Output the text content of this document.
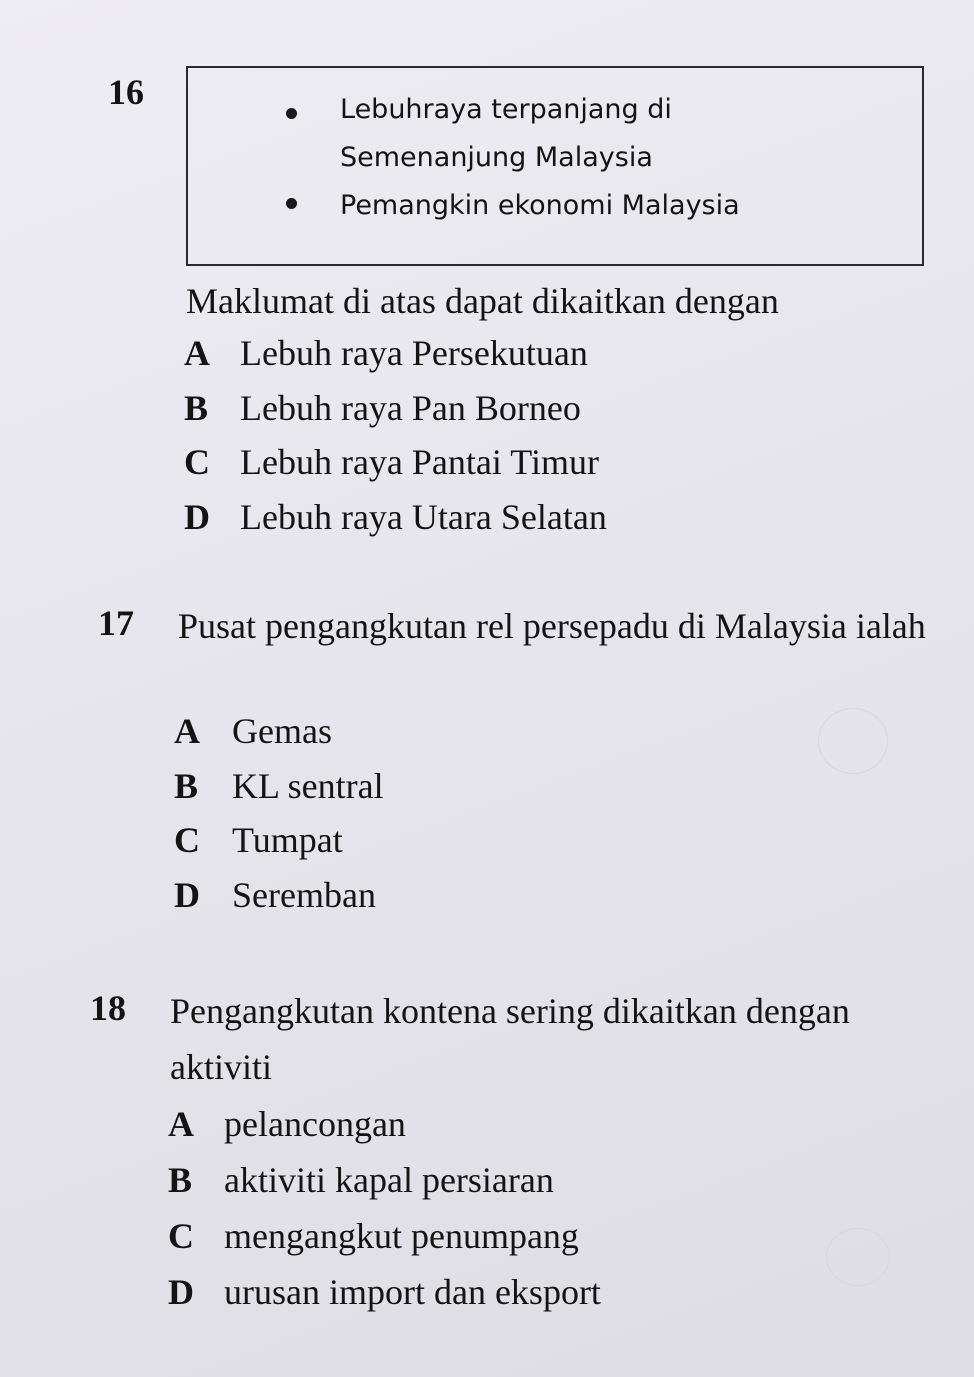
16	Lebuhraya terpanjang di
Semenanjung Malaysia
Pemangkin ekonomi Malaysia

Maklumat di atas dapat dikaitkan dengan

A Lebuh raya Persekutuan
B Lebuh raya Pan Borneo
C Lebuh raya Pantai Timur
D Lebuh raya Utara Selatan
17 Pusat pengangkutan rel persepadu di Malaysia ialah

A Gemas
B KL sentral
C Tumpat
D Seremban
18 Pengangkutan kontena sering dikaitkan dengan aktiviti

A pelancongan
B aktiviti kapal persiaran
C mengangkut penumpang
D urusan import dan eksport
